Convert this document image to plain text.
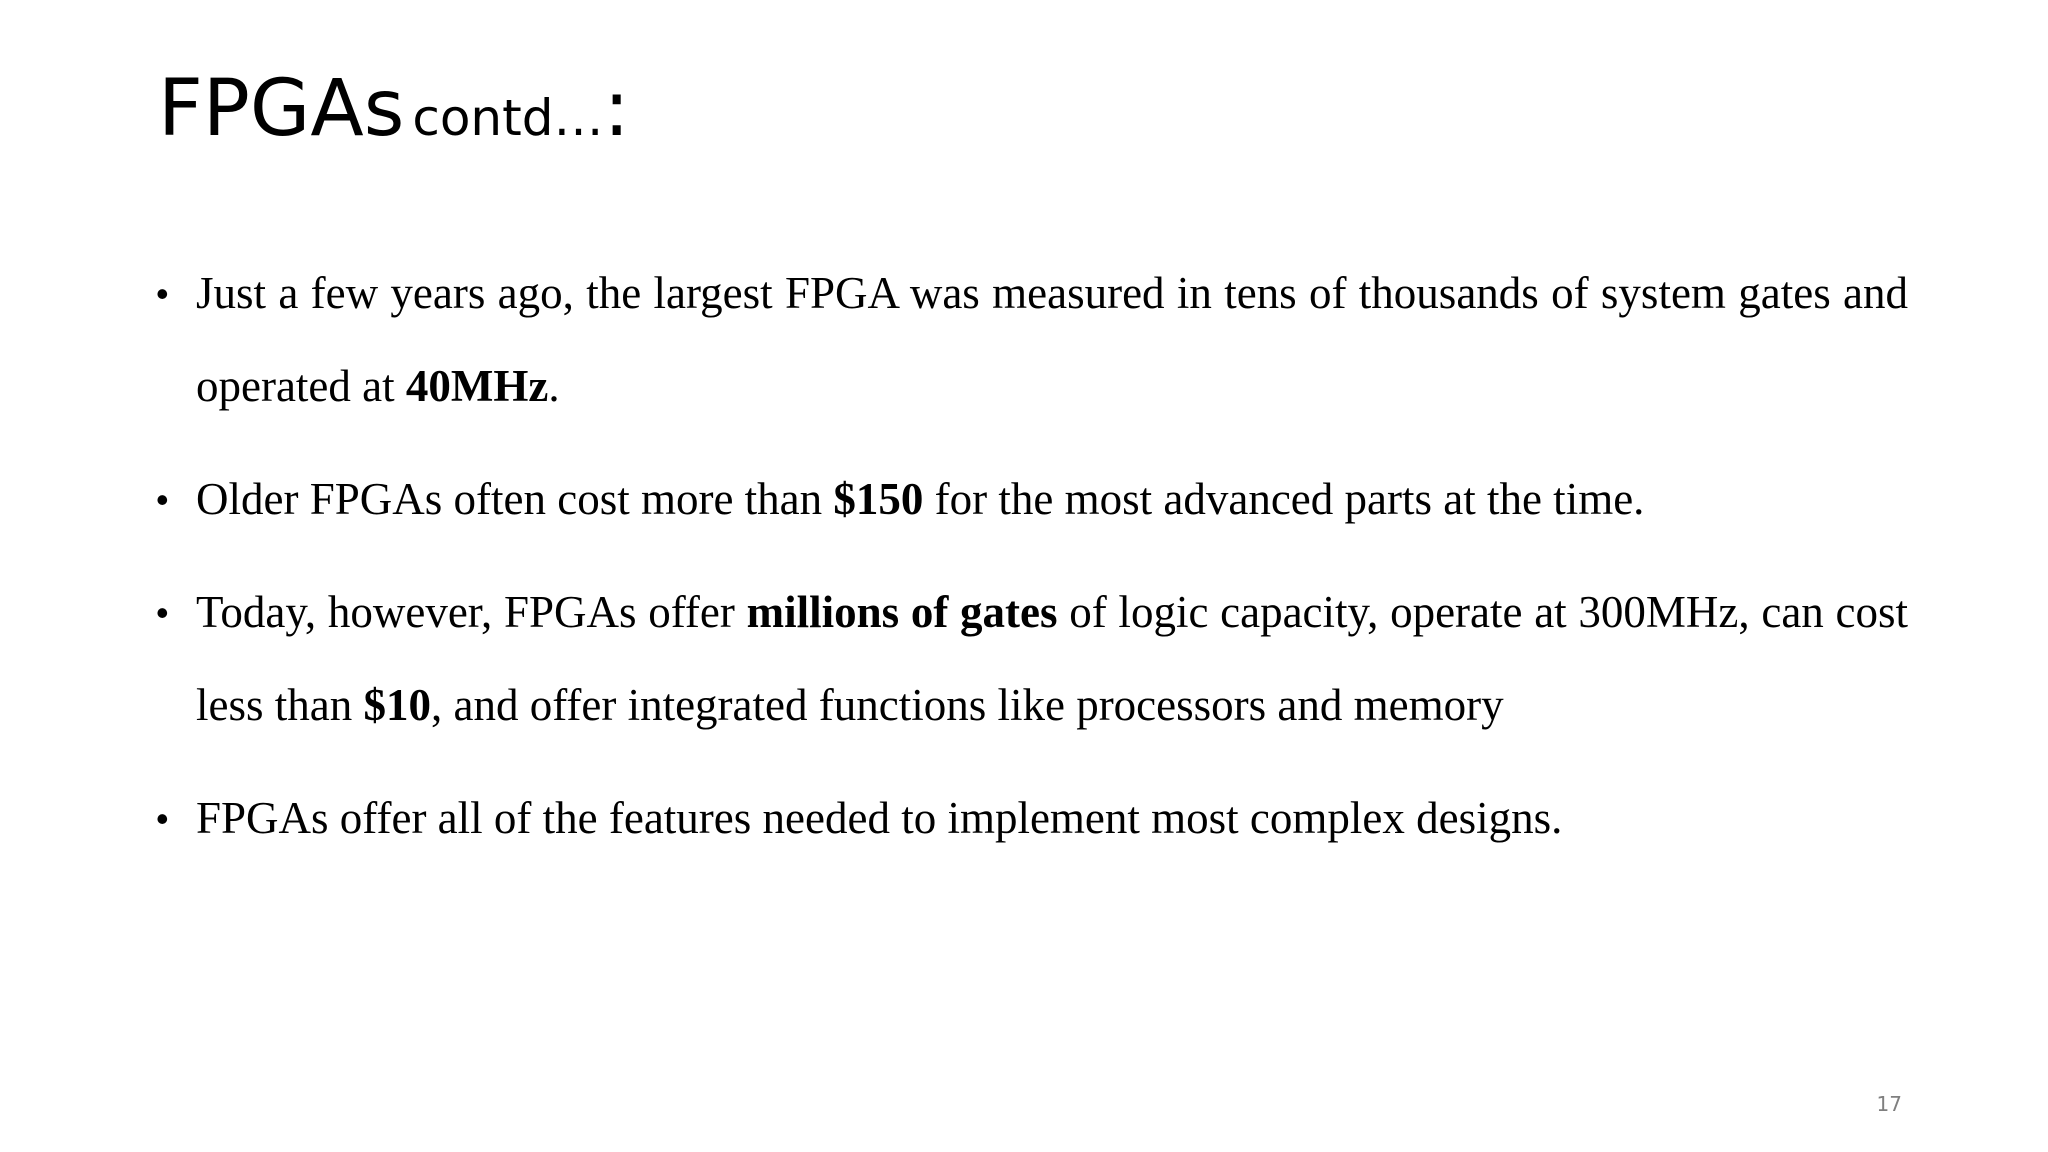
FPGAs contd…:
• Just a few years ago, the largest FPGA was measured in tens of thousands of system gates and operated at 40MHz.
• Older FPGAs often cost more than $150 for the most advanced parts at the time.
• Today, however, FPGAs offer millions of gates of logic capacity, operate at 300MHz, can cost less than $10, and offer integrated functions like processors and memory
• FPGAs offer all of the features needed to implement most complex designs.
17
